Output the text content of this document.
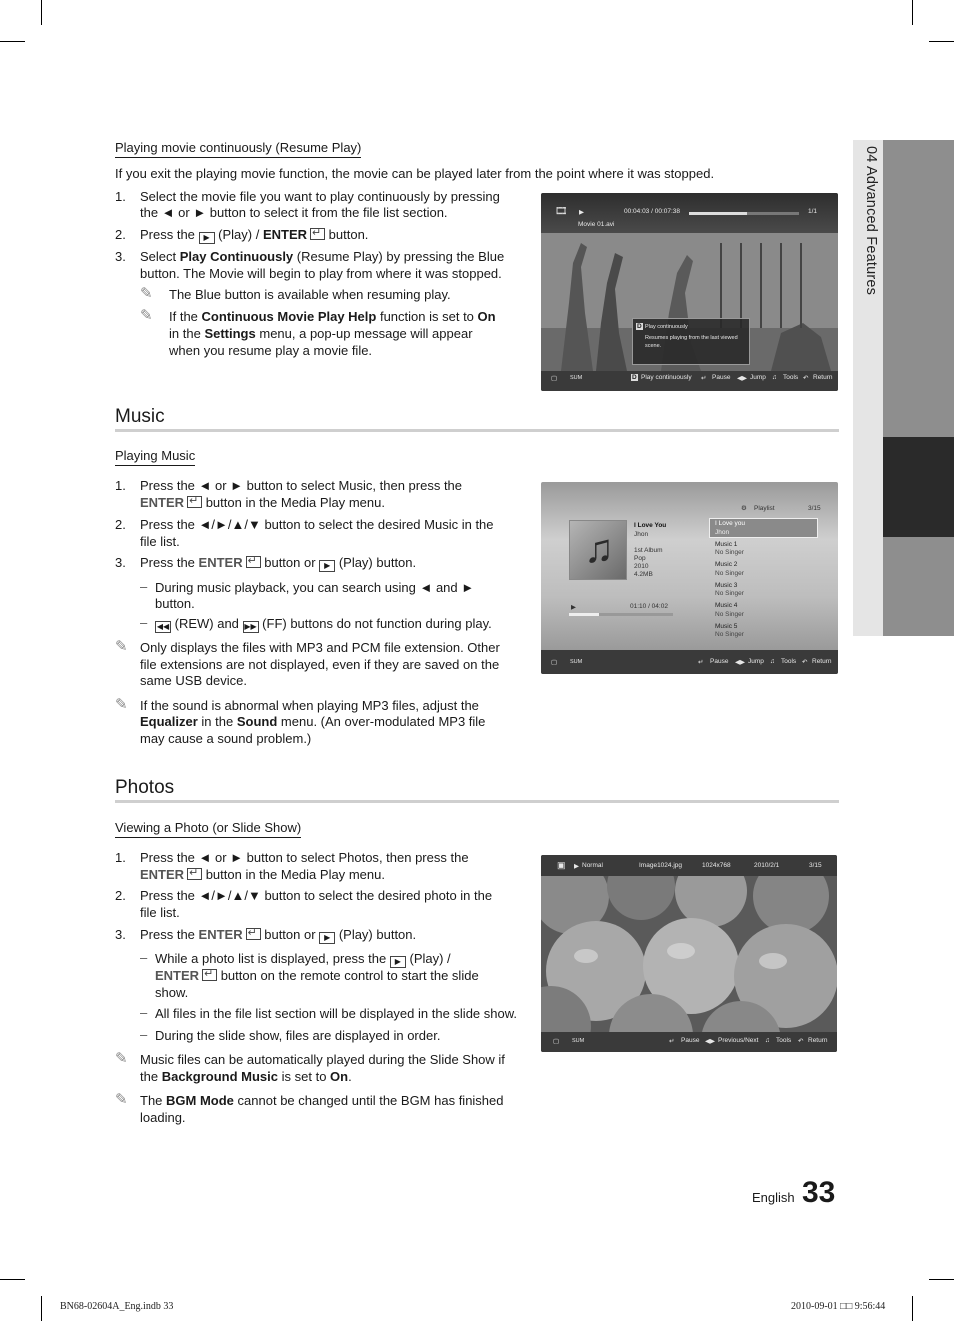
04 Advanced Features
Playing movie continuously (Resume Play)
If you exit the playing movie function, the movie can be played later from the point where it was stopped.
1. Select the movie file you want to play continuously by pressing
the ◄ or ► button to select it from the file list section.
2. Press the ▶ (Play) / ENTER ↵ button.
3. Select Play Continuously (Resume Play) by pressing the Blue
button. The Movie will begin to play from where it was stopped.
✎ The Blue button is available when resuming play.
✎ If the Continuous Movie Play Help function is set to On
in the Settings menu, a pop-up message will appear
when you resume play a movie file.
🎞 ▶	00:04:03 / 00:07:38	1/1
Movie 01.avi
D Play continuously
Resumes playing from the last viewed
scene.
▢ SUM	D Play continuously ↵ Pause ◀▶ Jump ♫ Tools ↶ Return
Music
Playing Music
1. Press the ◄ or ► button to select Music, then press the
ENTER ↵ button in the Media Play menu.
2. Press the ◄/►/▲/▼ button to select the desired Music in the
file list.
3. Press the ENTER ↵ button or ▶ (Play) button.
– During music playback, you can search using ◄ and ►
button.
– ◀◀ (REW) and ▶▶ (FF) buttons do not function during play.
✎ Only displays the files with MP3 and PCM file extension. Other
file extensions are not displayed, even if they are saved on the
same USB device.
✎ If the sound is abnormal when playing MP3 files, adjust the
Equalizer in the Sound menu. (An over-modulated MP3 file
may cause a sound problem.)
⚙ Playlist	3/15
♫
I Love You
Jhon
1st Album
Pop
2010
4.2MB
▶	01:10 / 04:02
I Love you
Jhon
Music 1
No Singer
Music 2
No Singer
Music 3
No Singer
Music 4
No Singer
Music 5
No Singer
▢ SUM	↵ Pause ◀▶ Jump ♫ Tools ↶ Return
Photos
Viewing a Photo (or Slide Show)
1. Press the ◄ or ► button to select Photos, then press the
ENTER ↵ button in the Media Play menu.
2. Press the ◄/►/▲/▼ button to select the desired photo in the
file list.
3. Press the ENTER ↵ button or ▶ (Play) button.
– While a photo list is displayed, press the ▶ (Play) /
ENTER ↵ button on the remote control to start the slide
show.
– All files in the file list section will be displayed in the slide show.
– During the slide show, files are displayed in order.
✎ Music files can be automatically played during the Slide Show if
the Background Music is set to On.
✎ The BGM Mode cannot be changed until the BGM has finished
loading.
▣ ▶ Normal	Image1024.jpg	1024x768	2010/2/1	3/15
▢ SUM	↵ Pause ◀▶ Previous/Next ♫ Tools ↶ Return
English 33
BN68-02604A_Eng.indb 33	2010-09-01 □□ 9:56:44
